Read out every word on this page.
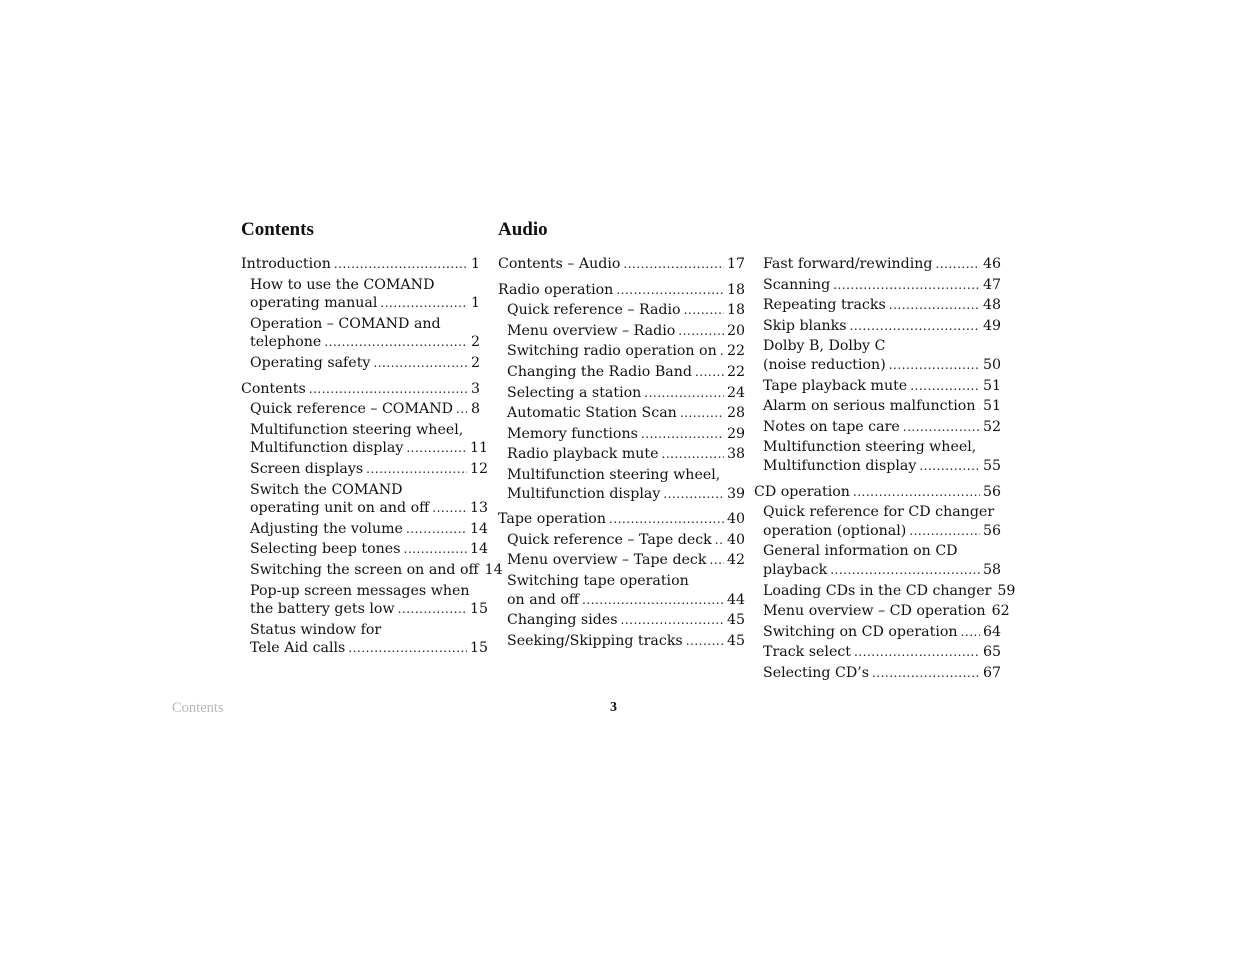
Contents
Introduction .....	1
How to use the COMAND
operating manual .....	1
Operation – COMAND and
telephone .....	2
Operating safety .....	2
Contents .....	3
Quick reference – COMAND ..... 8
Multifunction steering wheel,
Multifunction display .....	11
Screen displays .....	12
Switch the COMAND
operating unit on and off .....	13
Adjusting the volume .....	14
Selecting beep tones .....	14
Switching the screen on and off 14
Pop-up screen messages when
the battery gets low .....	15
Status window for
Tele Aid calls .....	15
Audio
Contents – Audio .....	17
Radio operation .....	18
Quick reference – Radio .....	18
Menu overview – Radio .....	20
Switching radio operation on ..... 22
Changing the Radio Band ..... 22
Selecting a station .....	24
Automatic Station Scan .....	28
Memory functions .....	29
Radio playback mute .....	38
Multifunction steering wheel,
Multifunction display .....	39
Tape operation .....	40
Quick reference – Tape deck ..... 40
Menu overview – Tape deck ..... 42
Switching tape operation
on and off .....	44
Changing sides .....	45
Seeking/Skipping tracks .....	45
Fast forward/rewinding .....	46
Scanning .....	47
Repeating tracks .....	48
Skip blanks .....	49
Dolby B, Dolby C
(noise reduction) .....	50
Tape playback mute .....	51
Alarm on serious malfunction ..... 51
Notes on tape care .....	52
Multifunction steering wheel,
Multifunction display .....	55
CD operation .....	56
Quick reference for CD changer
operation (optional) .....	56
General information on CD
playback .....	58
Loading CDs in the CD changer 59
Menu overview – CD operation 62
Switching on CD operation ..... 64
Track select .....	65
Selecting CD’s .....	67
Contents	3
